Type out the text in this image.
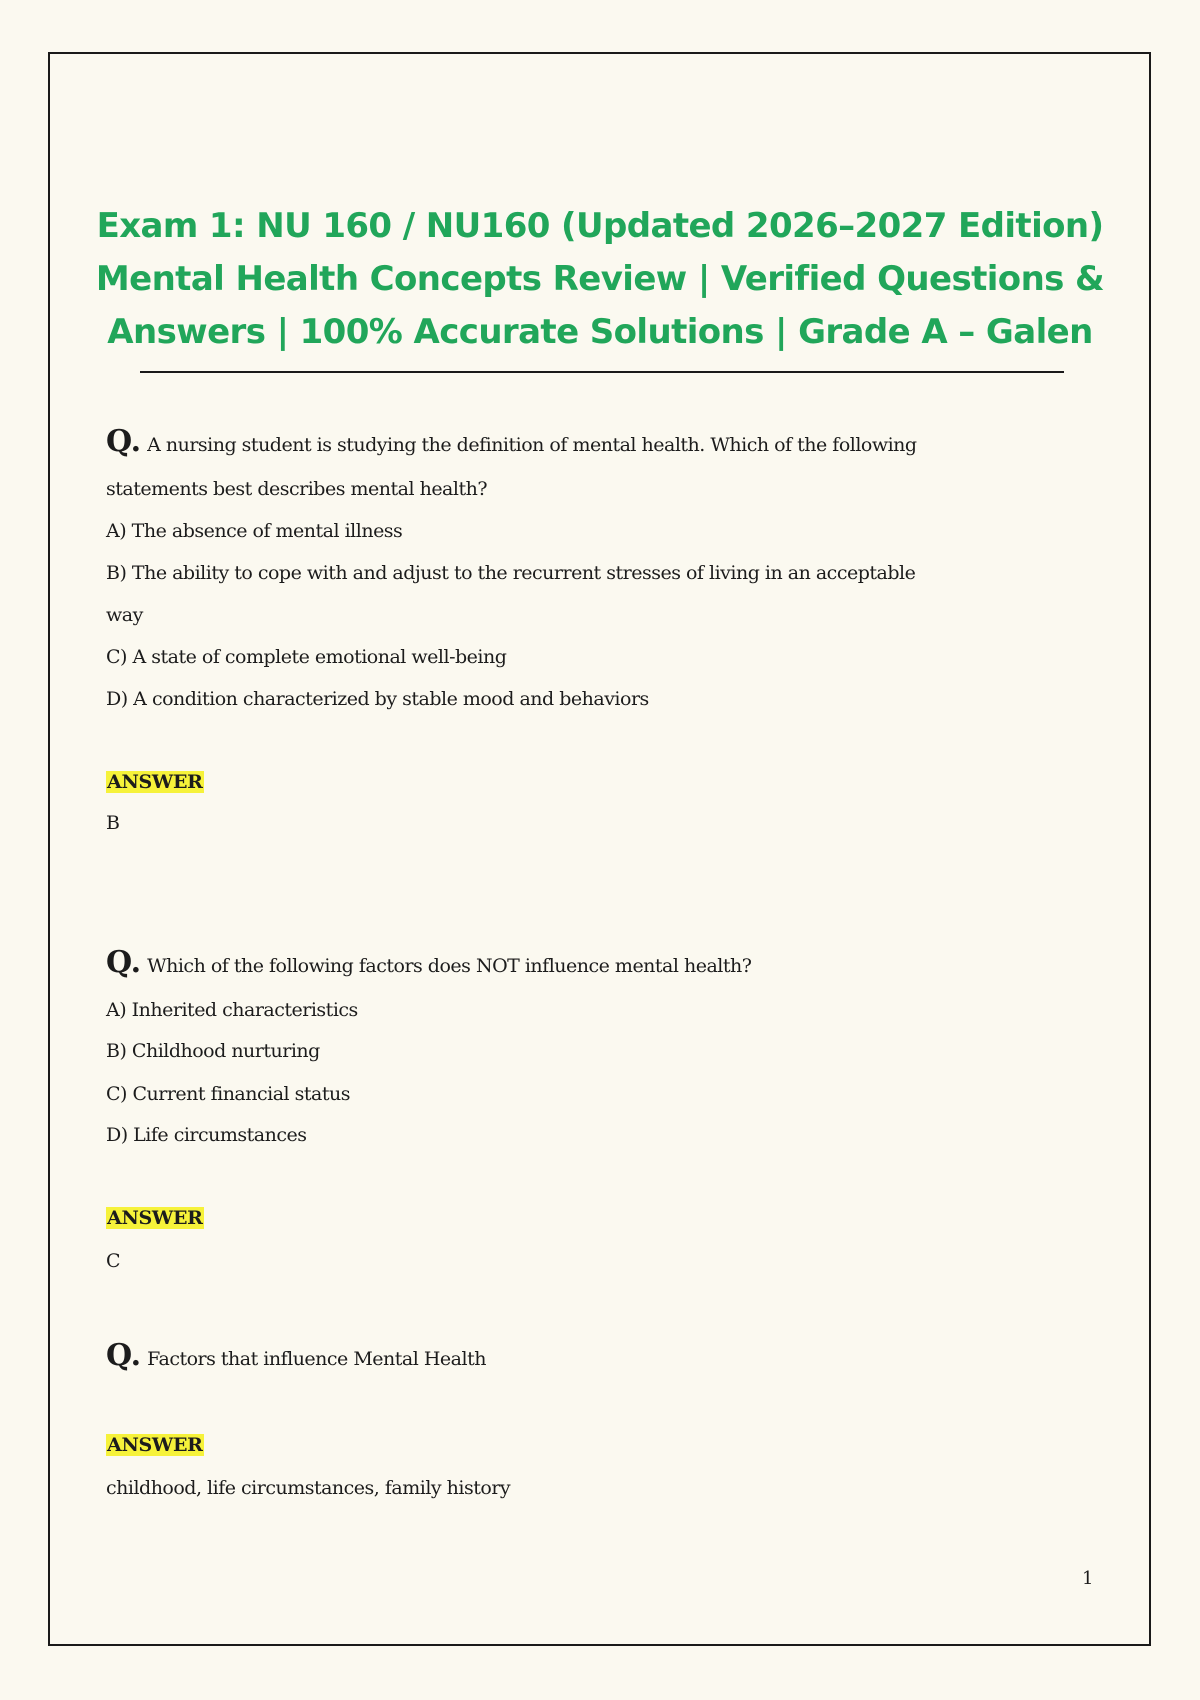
Exam 1: NU 160 / NU160 (Updated 2026–2027 Edition)
Mental Health Concepts Review | Verified Questions &
Answers | 100% Accurate Solutions | Grade A – Galen
Q. A nursing student is studying the definition of mental health. Which of the following
statements best describes mental health?
A) The absence of mental illness
B) The ability to cope with and adjust to the recurrent stresses of living in an acceptable
way
C) A state of complete emotional well-being
D) A condition characterized by stable mood and behaviors
ANSWER
B
Q. Which of the following factors does NOT influence mental health?
A) Inherited characteristics
B) Childhood nurturing
C) Current financial status
D) Life circumstances
ANSWER
C
Q. Factors that influence Mental Health
ANSWER
childhood, life circumstances, family history
1
